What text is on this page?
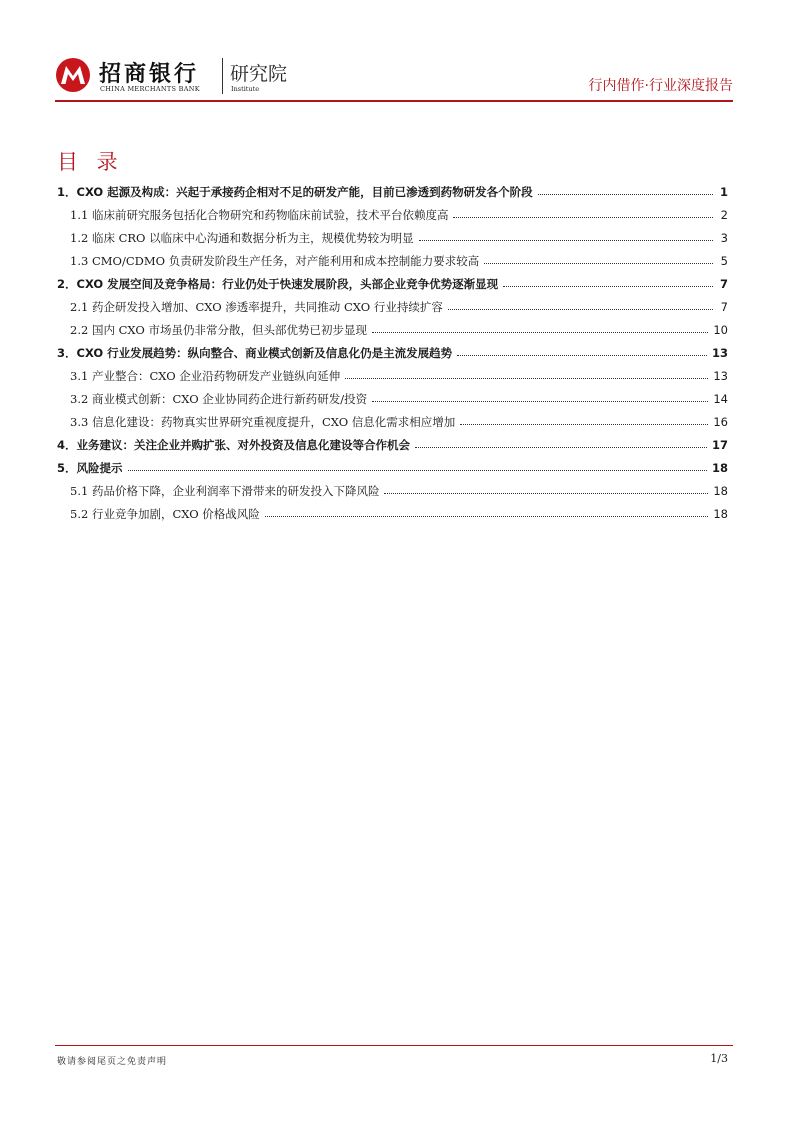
招商银行
CHINA MERCHANTS BANK
研究院
Institute	行内借作·行业深度报告
目 录
1．CXO 起源及构成：兴起于承接药企相对不足的研发产能，目前已渗透到药物研发各个阶段	1
1.1 临床前研究服务包括化合物研究和药物临床前试验，技术平台依赖度高	2
1.2 临床 CRO 以临床中心沟通和数据分析为主，规模优势较为明显	3
1.3 CMO/CDMO 负责研发阶段生产任务，对产能利用和成本控制能力要求较高	5
2．CXO 发展空间及竞争格局：行业仍处于快速发展阶段，头部企业竞争优势逐渐显现	7
2.1 药企研发投入增加、CXO 渗透率提升，共同推动 CXO 行业持续扩容	7
2.2 国内 CXO 市场虽仍非常分散，但头部优势已初步显现	10
3．CXO 行业发展趋势：纵向整合、商业模式创新及信息化仍是主流发展趋势	13
3.1 产业整合：CXO 企业沿药物研发产业链纵向延伸	13
3.2 商业模式创新：CXO 企业协同药企进行新药研发/投资	14
3.3 信息化建设：药物真实世界研究重视度提升，CXO 信息化需求相应增加	16
4．业务建议：关注企业并购扩张、对外投资及信息化建设等合作机会	17
5．风险提示	18
5.1 药品价格下降，企业利润率下滑带来的研发投入下降风险	18
5.2 行业竞争加剧，CXO 价格战风险	18
敬请参阅尾页之免责声明	1/3
